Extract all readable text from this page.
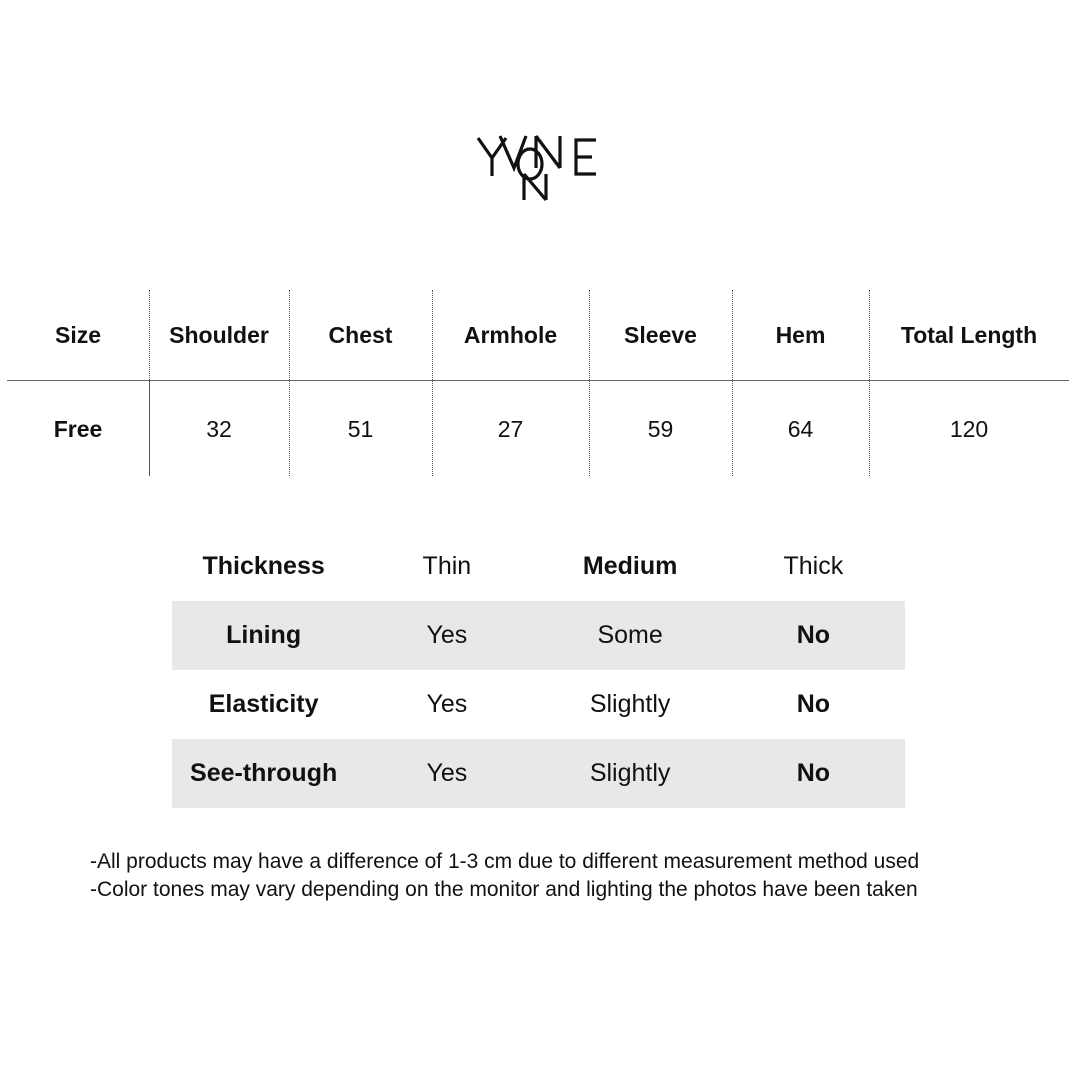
Size	Shoulder	Chest	Armhole	Sleeve	Hem	Total Length
Free	32	51	27	59	64	120
Thickness	Thin	Medium	Thick
Lining	Yes	Some	No
Elasticity	Yes	Slightly	No
See-through	Yes	Slightly	No
-All products may have a difference of 1-3 cm due to different measurement method used
-Color tones may vary depending on the monitor and lighting the photos have been taken
